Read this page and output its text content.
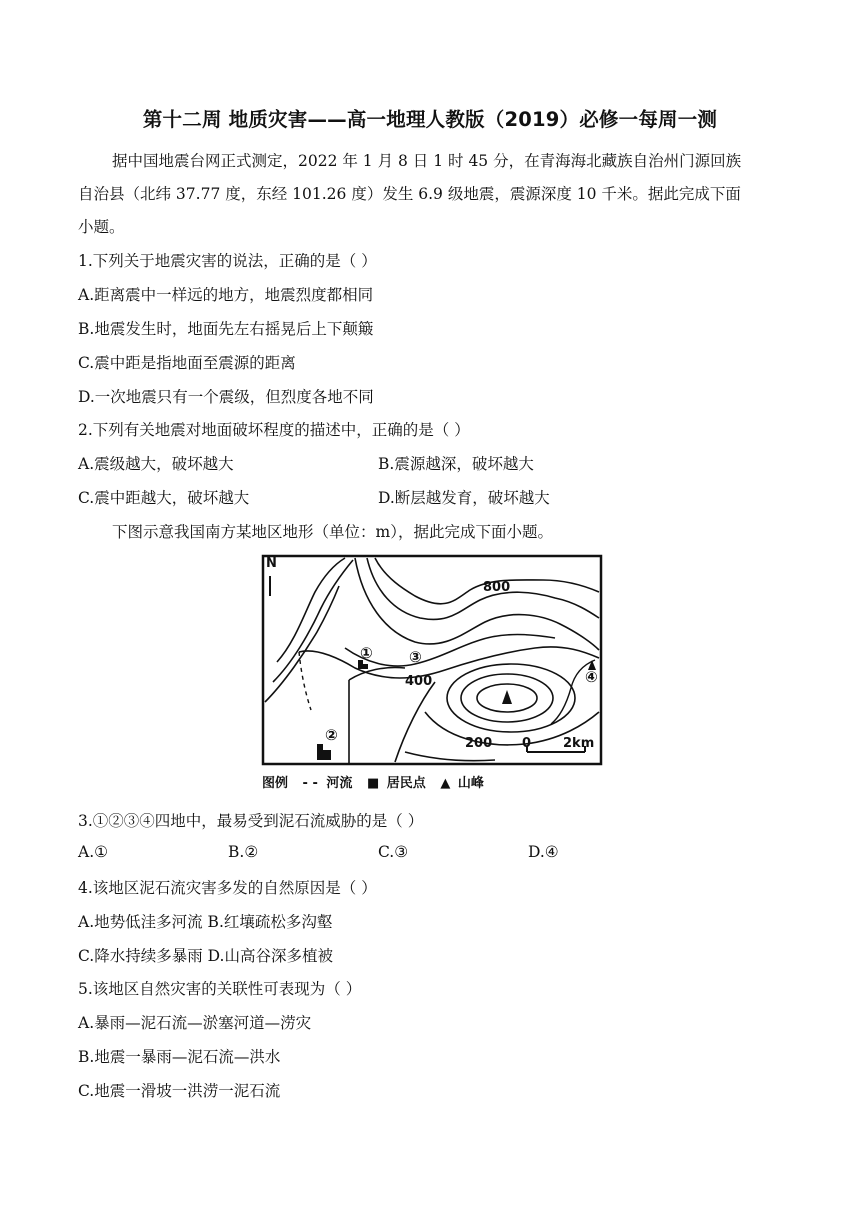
第十二周 地质灾害——高一地理人教版（2019）必修一每周一测
据中国地震台网正式测定，2022 年 1 月 8 日 1 时 45 分，在青海海北藏族自治州门源回族
自治县（北纬 37.77 度，东经 101.26 度）发生 6.9 级地震，震源深度 10 千米。据此完成下面
小题。
1.下列关于地震灾害的说法，正确的是（ ）
A.距离震中一样远的地方，地震烈度都相同
B.地震发生时，地面先左右摇晃后上下颠簸
C.震中距是指地面至震源的距离
D.一次地震只有一个震级，但烈度各地不同
2.下列有关地震对地面破坏程度的描述中，正确的是（ ）
A.震级越大，破坏越大	B.震源越深，破坏越大
C.震中距越大，破坏越大	D.断层越发育，破坏越大
下图示意我国南方某地区地形（单位：m），据此完成下面小题。
N
800
400
200
①
②
③
④
0 2km
图例 - - 河流 ■ 居民点 ▲ 山峰
3.①②③④四地中，最易受到泥石流威胁的是（ ）
A.①	B.②	C.③	D.④
4.该地区泥石流灾害多发的自然原因是（ ）
A.地势低洼多河流 B.红壤疏松多沟壑
C.降水持续多暴雨 D.山高谷深多植被
5.该地区自然灾害的关联性可表现为（ ）
A.暴雨—泥石流—淤塞河道—涝灾
B.地震一暴雨—泥石流—洪水
C.地震一滑坡一洪涝一泥石流
